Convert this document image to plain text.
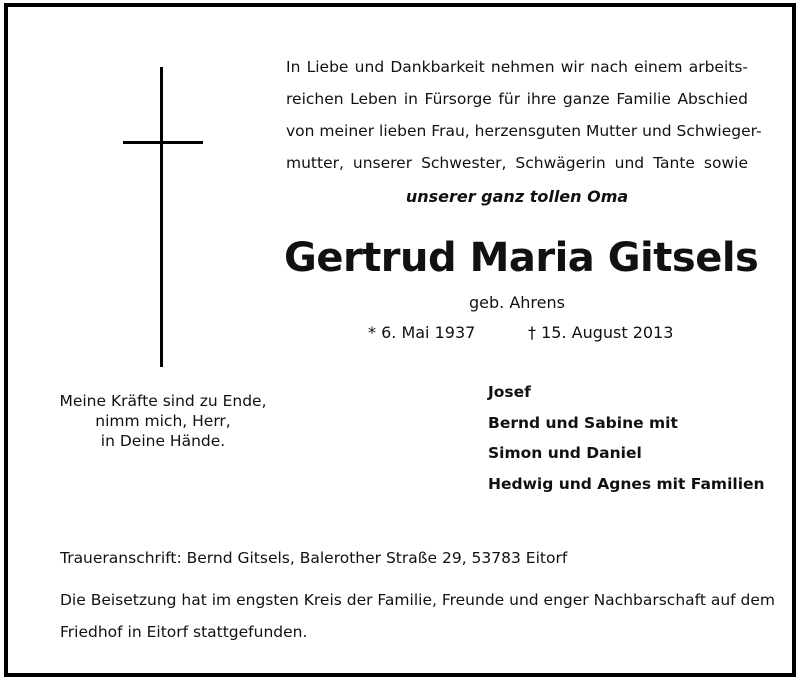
In Liebe und Dankbarkeit nehmen wir nach einem arbeits-
reichen Leben in Fürsorge für ihre ganze Familie Abschied
von meiner lieben Frau, herzensguten Mutter und Schwieger-
mutter, unserer Schwester, Schwägerin und Tante sowie
unserer ganz tollen Oma
Gertrud Maria Gitsels
geb. Ahrens
* 6. Mai 1937	† 15. August 2013
Meine Kräfte sind zu Ende,
nimm mich, Herr,
in Deine Hände.
Josef
Bernd und Sabine mit
Simon und Daniel
Hedwig und Agnes mit Familien
Traueranschrift: Bernd Gitsels, Balerother Straße 29, 53783 Eitorf
Die Beisetzung hat im engsten Kreis der Familie, Freunde und enger Nachbarschaft auf dem
Friedhof in Eitorf stattgefunden.
